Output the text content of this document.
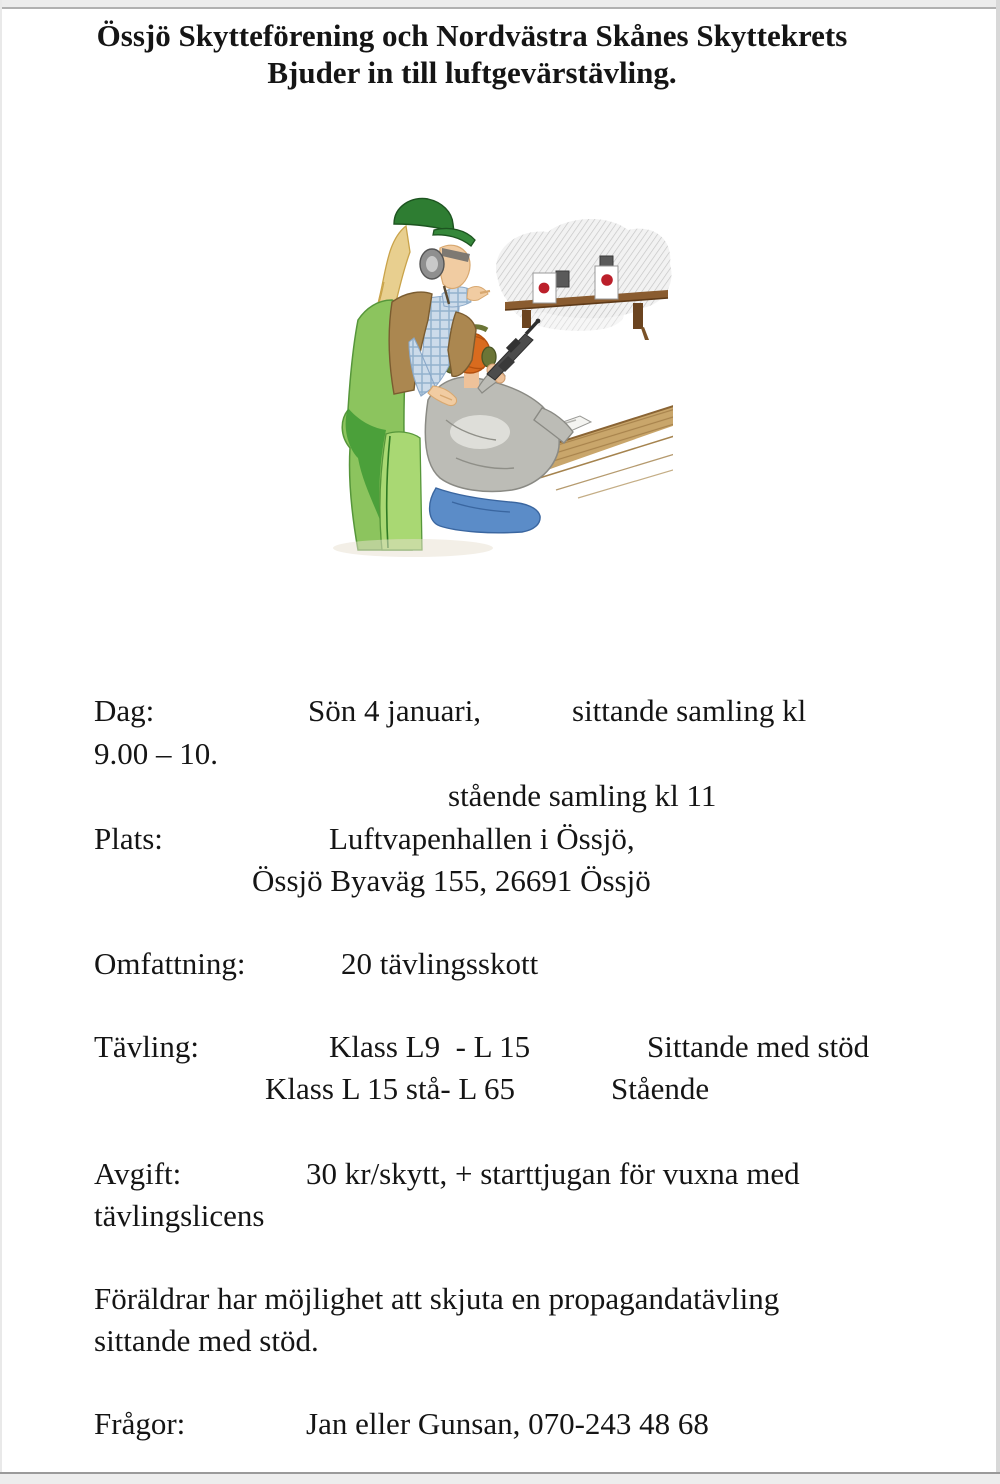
Össjö Skytteförening och Nordvästra Skånes Skyttekrets
Bjuder in till luftgevärstävling.
Dag:	Sön 4 januari,	sittande samling kl
9.00 – 10.
stående samling kl 11
Plats:	Luftvapenhallen i Össjö,
Össjö Byaväg 155, 26691 Össjö
Omfattning:	20 tävlingsskott
Tävling:	Klass L9  - L 15	Sittande med stöd
Klass L 15 stå- L 65	Stående
Avgift:	30 kr/skytt, + starttjugan för vuxna med
tävlingslicens
Föräldrar har möjlighet att skjuta en propagandatävling
sittande med stöd.
Frågor:	Jan eller Gunsan, 070-243 48 68
